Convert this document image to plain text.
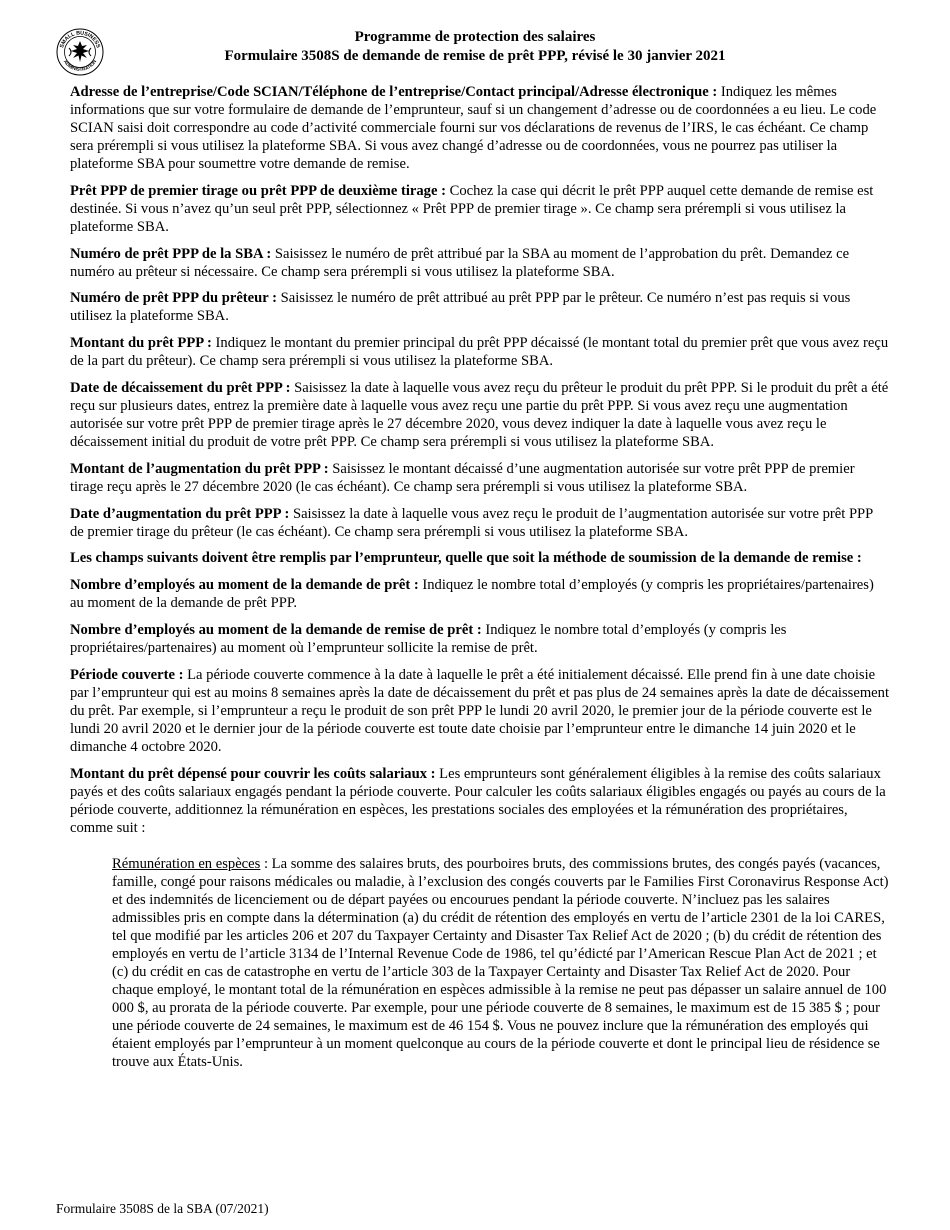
SMALL BUSINESS
ADMINISTRATION
Programme de protection des salaires
Formulaire 3508S de demande de remise de prêt PPP, révisé le 30 janvier 2021

Adresse de l’entreprise/Code SCIAN/Téléphone de l’entreprise/Contact principal/Adresse électronique : Indiquez les mêmes informations que sur votre formulaire de demande de l’emprunteur, sauf si un changement d’adresse ou de coordonnées a eu lieu. Le code SCIAN saisi doit correspondre au code d’activité commerciale fourni sur vos déclarations de revenus de l’IRS, le cas échéant. Ce champ sera prérempli si vous utilisez la plateforme SBA. Si vous avez changé d’adresse ou de coordonnées, vous ne pourrez pas utiliser la plateforme SBA pour soumettre votre demande de remise.

Prêt PPP de premier tirage ou prêt PPP de deuxième tirage : Cochez la case qui décrit le prêt PPP auquel cette demande de remise est destinée. Si vous n’avez qu’un seul prêt PPP, sélectionnez « Prêt PPP de premier tirage ». Ce champ sera prérempli si vous utilisez la plateforme SBA.

Numéro de prêt PPP de la SBA : Saisissez le numéro de prêt attribué par la SBA au moment de l’approbation du prêt. Demandez ce numéro au prêteur si nécessaire. Ce champ sera prérempli si vous utilisez la plateforme SBA.

Numéro de prêt PPP du prêteur : Saisissez le numéro de prêt attribué au prêt PPP par le prêteur. Ce numéro n’est pas requis si vous utilisez la plateforme SBA.

Montant du prêt PPP : Indiquez le montant du premier principal du prêt PPP décaissé (le montant total du premier prêt que vous avez reçu de la part du prêteur). Ce champ sera prérempli si vous utilisez la plateforme SBA.

Date de décaissement du prêt PPP : Saisissez la date à laquelle vous avez reçu du prêteur le produit du prêt PPP. Si le produit du prêt a été reçu sur plusieurs dates, entrez la première date à laquelle vous avez reçu une partie du prêt PPP. Si vous avez reçu une augmentation autorisée sur votre prêt PPP de premier tirage après le 27 décembre 2020, vous devez indiquer la date à laquelle vous avez reçu le décaissement initial du produit de votre prêt PPP. Ce champ sera prérempli si vous utilisez la plateforme SBA.

Montant de l’augmentation du prêt PPP : Saisissez le montant décaissé d’une augmentation autorisée sur votre prêt PPP de premier tirage reçu après le 27 décembre 2020 (le cas échéant). Ce champ sera prérempli si vous utilisez la plateforme SBA.

Date d’augmentation du prêt PPP : Saisissez la date à laquelle vous avez reçu le produit de l’augmentation autorisée sur votre prêt PPP de premier tirage du prêteur (le cas échéant). Ce champ sera prérempli si vous utilisez la plateforme SBA.

Les champs suivants doivent être remplis par l’emprunteur, quelle que soit la méthode de soumission de la demande de remise :

Nombre d’employés au moment de la demande de prêt : Indiquez le nombre total d’employés (y compris les propriétaires/partenaires) au moment de la demande de prêt PPP.

Nombre d’employés au moment de la demande de remise de prêt : Indiquez le nombre total d’employés (y compris les propriétaires/partenaires) au moment où l’emprunteur sollicite la remise de prêt.

Période couverte : La période couverte commence à la date à laquelle le prêt a été initialement décaissé. Elle prend fin à une date choisie par l’emprunteur qui est au moins 8 semaines après la date de décaissement du prêt et pas plus de 24 semaines après la date de décaissement du prêt. Par exemple, si l’emprunteur a reçu le produit de son prêt PPP le lundi 20 avril 2020, le premier jour de la période couverte est le lundi 20 avril 2020 et le dernier jour de la période couverte est toute date choisie par l’emprunteur entre le dimanche 14 juin 2020 et le dimanche 4 octobre 2020.

Montant du prêt dépensé pour couvrir les coûts salariaux : Les emprunteurs sont généralement éligibles à la remise des coûts salariaux payés et des coûts salariaux engagés pendant la période couverte. Pour calculer les coûts salariaux éligibles engagés ou payés au cours de la période couverte, additionnez la rémunération en espèces, les prestations sociales des employées et la rémunération des propriétaires, comme suit :

Rémunération en espèces : La somme des salaires bruts, des pourboires bruts, des commissions brutes, des congés payés (vacances, famille, congé pour raisons médicales ou maladie, à l’exclusion des congés couverts par le Families First Coronavirus Response Act) et des indemnités de licenciement ou de départ payées ou encourues pendant la période couverte. N’incluez pas les salaires admissibles pris en compte dans la détermination (a) du crédit de rétention des employés en vertu de l’article 2301 de la loi CARES, tel que modifié par les articles 206 et 207 du Taxpayer Certainty and Disaster Tax Relief Act de 2020 ; (b) du crédit de rétention des employés en vertu de l’article 3134 de l’Internal Revenue Code de 1986, tel qu’édicté par l’American Rescue Plan Act de 2021 ; et (c) du crédit en cas de catastrophe en vertu de l’article 303 de la Taxpayer Certainty and Disaster Tax Relief Act de 2020. Pour chaque employé, le montant total de la rémunération en espèces admissible à la remise ne peut pas dépasser un salaire annuel de 100 000 $, au prorata de la période couverte. Par exemple, pour une période couverte de 8 semaines, le maximum est de 15 385 $ ; pour une période couverte de 24 semaines, le maximum est de 46 154 $. Vous ne pouvez inclure que la rémunération des employés qui étaient employés par l’emprunteur à un moment quelconque au cours de la période couverte et dont le principal lieu de résidence se trouve aux États-Unis.

Formulaire 3508S de la SBA (07/2021)
